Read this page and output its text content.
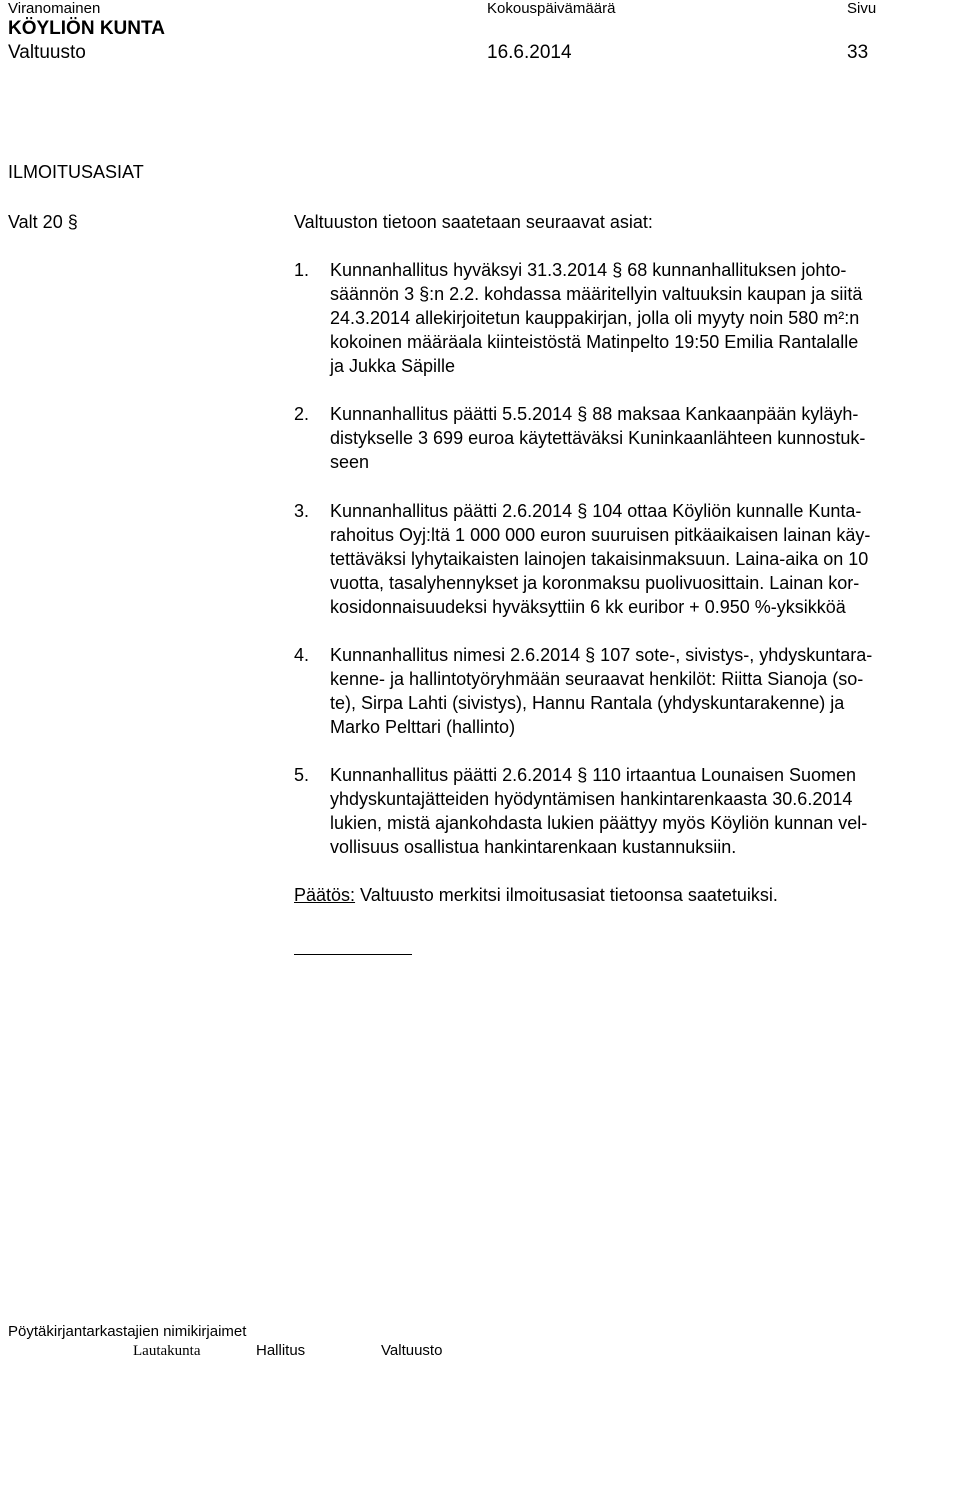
Viranomainen	Kokouspäivämäärä	Sivu
KÖYLIÖN KUNTA
Valtuusto	16.6.2014	33
ILMOITUSASIAT
Valt 20 §	Valtuuston tietoon saatetaan seuraavat asiat:
1. Kunnanhallitus hyväksyi 31.3.2014 § 68 kunnanhallituksen johto-
säännön 3 §:n 2.2. kohdassa määritellyin valtuuksin kaupan ja siitä
24.3.2014 allekirjoitetun kauppakirjan, jolla oli myyty noin 580 m²:n
kokoinen määräala kiinteistöstä Matinpelto 19:50 Emilia Rantalalle
ja Jukka Säpille
2. Kunnanhallitus päätti 5.5.2014 § 88 maksaa Kankaanpään kyläyh-
distykselle 3 699 euroa käytettäväksi Kuninkaanlähteen kunnostuk-
seen
3. Kunnanhallitus päätti 2.6.2014 § 104 ottaa Köyliön kunnalle Kunta-
rahoitus Oyj:ltä 1 000 000 euron suuruisen pitkäaikaisen lainan käy-
tettäväksi lyhytaikaisten lainojen takaisinmaksuun. Laina-aika on 10
vuotta, tasalyhennykset ja koronmaksu puolivuosittain. Lainan kor-
kosidonnaisuudeksi hyväksyttiin 6 kk euribor + 0.950 %-yksikköä
4. Kunnanhallitus nimesi 2.6.2014 § 107 sote-, sivistys-, yhdyskuntara-
kenne- ja hallintotyöryhmään seuraavat henkilöt: Riitta Sianoja (so-
te), Sirpa Lahti (sivistys), Hannu Rantala (yhdyskuntarakenne) ja
Marko Pelttari (hallinto)
5. Kunnanhallitus päätti 2.6.2014 § 110 irtaantua Lounaisen Suomen
yhdyskuntajätteiden hyödyntämisen hankintarenkaasta 30.6.2014
lukien, mistä ajankohdasta lukien päättyy myös Köyliön kunnan vel-
vollisuus osallistua hankintarenkaan kustannuksiin.
Päätös: Valtuusto merkitsi ilmoitusasiat tietoonsa saatetuiksi.
Pöytäkirjantarkastajien nimikirjaimet
Lautakunta	Hallitus	Valtuusto
